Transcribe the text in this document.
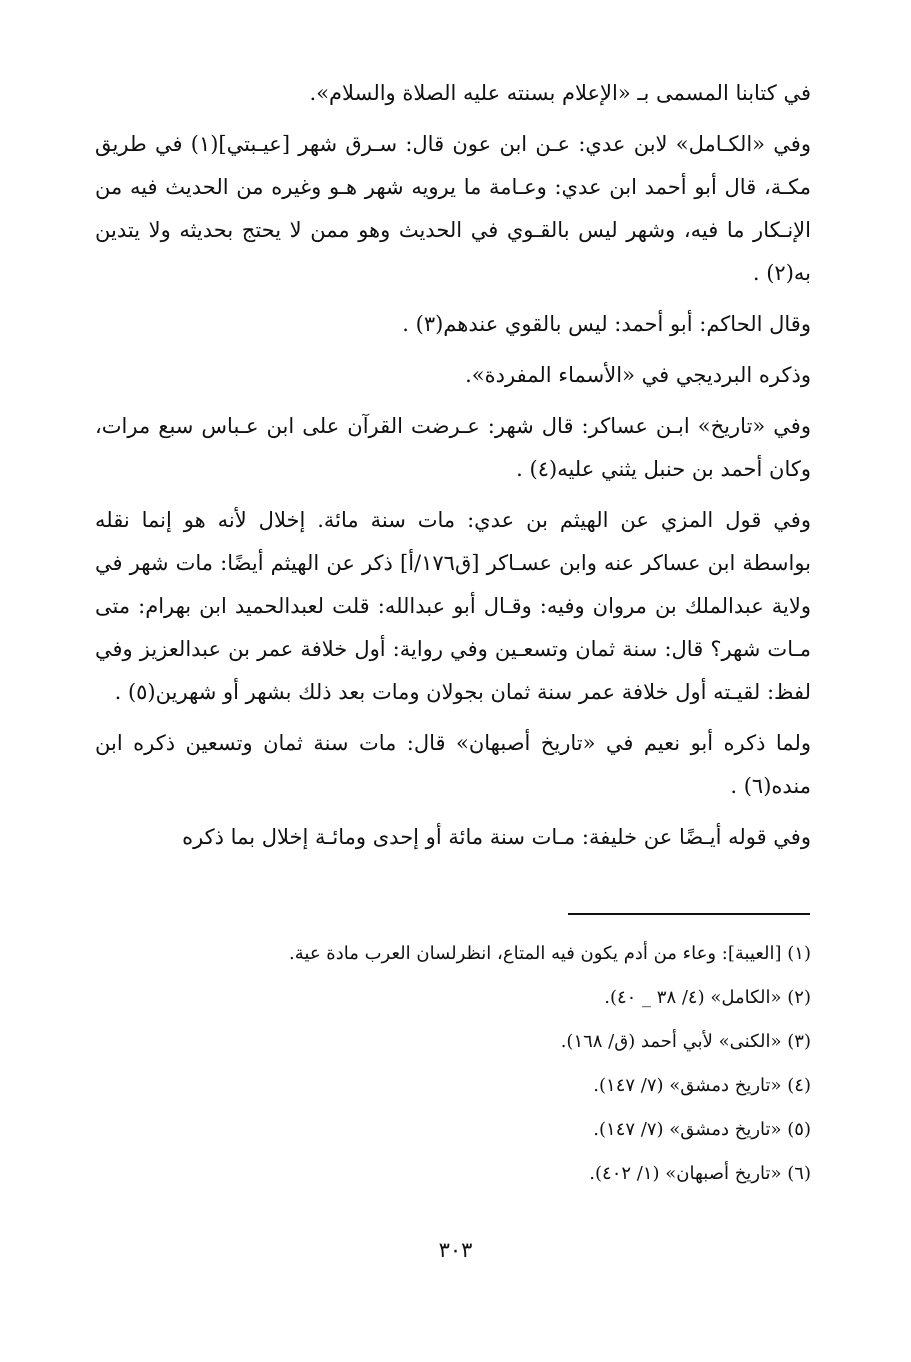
في كتابنا المسمى بـ «الإعلام بسنته عليه الصلاة والسلام».

وفي «الكـامل» لابن عدي: عـن ابن عون قال: سـرق شهر [عيـبتي](١) في طريق مكـة، قال أبو أحمد ابن عدي: وعـامة ما يرويه شهر هـو وغيره من الحديث فيه من الإنـكار ما فيه، وشهر ليس بالقـوي في الحديث وهو ممن لا يحتج بحديثه ولا يتدين به(٢) .

وقال الحاكم: أبو أحمد: ليس بالقوي عندهم(٣) .

وذكره البرديجي في «الأسماء المفردة».

وفي «تاريخ» ابـن عساكر: قال شهر: عـرضت القرآن على ابن عـباس سبع مرات، وكان أحمد بن حنبل يثني عليه(٤) .

وفي قول المزي عن الهيثم بن عدي: مات سنة مائة. إخلال لأنه هو إنما نقله بواسطة ابن عساكر عنه وابن عسـاكر [ق١٧٦/أ] ذكر عن الهيثم أيضًا: مات شهر في ولاية عبدالملك بن مروان وفيه: وقـال أبو عبدالله: قلت لعبدالحميد ابن بهرام: متى مـات شهر؟ قال: سنة ثمان وتسعـين وفي رواية: أول خلافة عمر بن عبدالعزيز وفي لفظ: لقيـته أول خلافة عمر سنة ثمان بجولان ومات بعد ذلك بشهر أو شهرين(٥) .

ولما ذكره أبو نعيم في «تاريخ أصبهان» قال: مات سنة ثمان وتسعين ذكره ابن منده(٦) .

وفي قوله أيـضًا عن خليفة: مـات سنة مائة أو إحدى ومائـة إخلال بما ذكره

(١) [العيبة]: وعاء من أدم يكون فيه المتاع، انظرلسان العرب مادة عية.

(٢) «الكامل» (٤/ ٣٨ _ ٤٠).

(٣) «الكنى» لأبي أحمد (ق/ ١٦٨).

(٤) «تاريخ دمشق» (٧/ ١٤٧).

(٥) «تاريخ دمشق» (٧/ ١٤٧).

(٦) «تاريخ أصبهان» (١/ ٤٠٢).

٣٠٣
